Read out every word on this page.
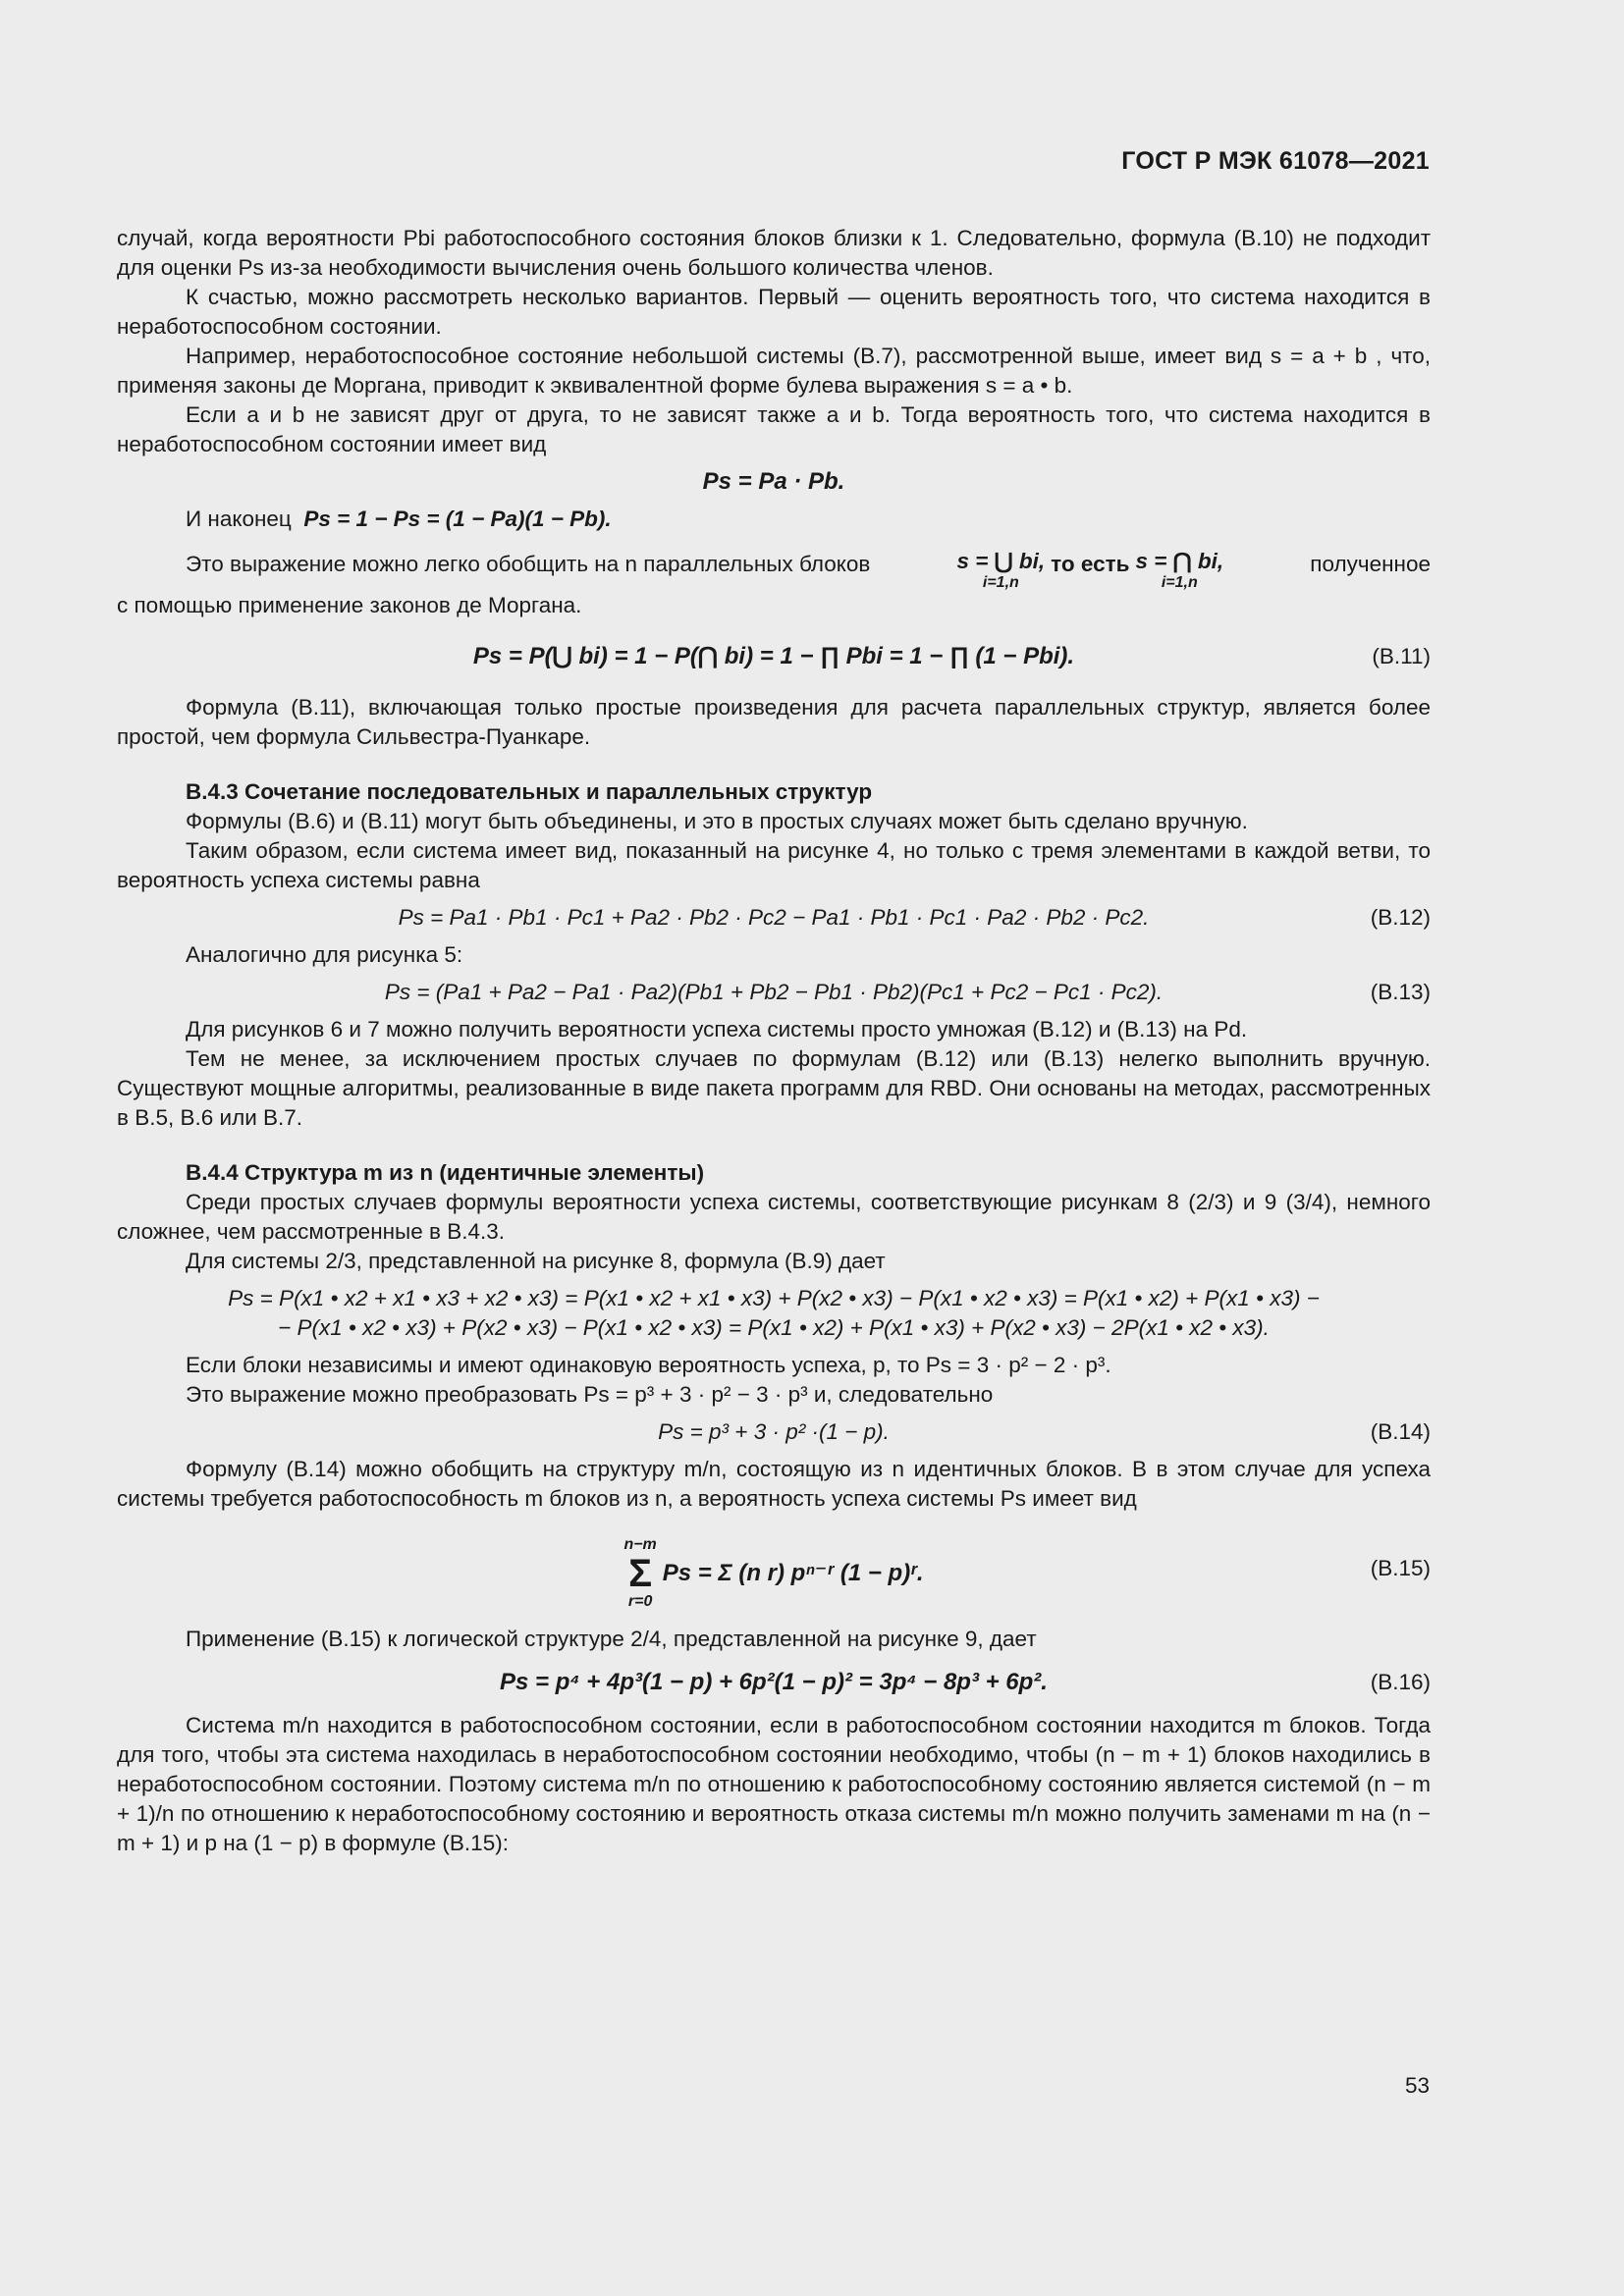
ГОСТ Р МЭК 61078—2021

случай, когда вероятности Pbi работоспособного состояния блоков близки к 1. Следовательно, формула (B.10) не подходит для оценки Ps из-за необходимости вычисления очень большого количества членов.

К счастью, можно рассмотреть несколько вариантов. Первый — оценить вероятность того, что система находится в неработоспособном состоянии.

Например, неработоспособное состояние небольшой системы (B.7), рассмотренной выше, имеет вид s = a + b , что, применяя законы де Моргана, приводит к эквивалентной форме булева выражения s = a • b.

Если a и b не зависят друг от друга, то не зависят также a и b. Тогда вероятность того, что система находится в неработоспособном состоянии имеет вид

Ps = Pa · Pb.

И наконец Ps = 1 − Ps = (1 − Pa)(1 − Pb).

Это выражение можно легко обобщить на n параллельных блоков	s = ⋃ bi,
i=1,n
то есть s = ⋂ bi,
i=1,n
полученное

с помощью применение законов де Моргана.

Ps = P(⋃ bi) = 1 − P(⋂ bi) = 1 − ∏ Pbi = 1 − ∏ (1 − Pbi).	(B.11)

Формула (B.11), включающая только простые произведения для расчета параллельных структур, является более простой, чем формула Сильвестра-Пуанкаре.

B.4.3 Сочетание последовательных и параллельных структур

Формулы (B.6) и (B.11) могут быть объединены, и это в простых случаях может быть сделано вручную.

Таким образом, если система имеет вид, показанный на рисунке 4, но только с тремя элементами в каждой ветви, то вероятность успеха системы равна

Ps = Pa1 · Pb1 · Pc1 + Pa2 · Pb2 · Pc2 − Pa1 · Pb1 · Pc1 · Pa2 · Pb2 · Pc2.	(B.12)

Аналогично для рисунка 5:

Ps = (Pa1 + Pa2 − Pa1 · Pa2)(Pb1 + Pb2 − Pb1 · Pb2)(Pc1 + Pc2 − Pc1 · Pc2).	(B.13)

Для рисунков 6 и 7 можно получить вероятности успеха системы просто умножая (B.12) и (B.13) на Pd.

Тем не менее, за исключением простых случаев по формулам (B.12) или (B.13) нелегко выполнить вручную. Существуют мощные алгоритмы, реализованные в виде пакета программ для RBD. Они основаны на методах, рассмотренных в B.5, B.6 или B.7.

B.4.4 Структура m из n (идентичные элементы)

Среди простых случаев формулы вероятности успеха системы, соответствующие рисункам 8 (2/3) и 9 (3/4), немного сложнее, чем рассмотренные в B.4.3.

Для системы 2/3, представленной на рисунке 8, формула (B.9) дает

Ps = P(x1 • x2 + x1 • x3 + x2 • x3) = P(x1 • x2 + x1 • x3) + P(x2 • x3) − P(x1 • x2 • x3) = P(x1 • x2) + P(x1 • x3) −
− P(x1 • x2 • x3) + P(x2 • x3) − P(x1 • x2 • x3) = P(x1 • x2) + P(x1 • x3) + P(x2 • x3) − 2P(x1 • x2 • x3).

Если блоки независимы и имеют одинаковую вероятность успеха, p, то Ps = 3 · p² − 2 · p³.

Это выражение можно преобразовать Ps = p³ + 3 · p² − 3 · p³ и, следовательно

Ps = p³ + 3 · p² ·(1 − p).	(B.14)

Формулу (B.14) можно обобщить на структуру m/n, состоящую из n идентичных блоков. В в этом случае для успеха системы требуется работоспособность m блоков из n, а вероятность успеха системы Ps имеет вид

n−m
Σ
r=0
Ps = Σ (n r) pⁿ⁻ʳ (1 − p)ʳ.	(B.15)

Применение (B.15) к логической структуре 2/4, представленной на рисунке 9, дает

Ps = p⁴ + 4p³(1 − p) + 6p²(1 − p)² = 3p⁴ − 8p³ + 6p².	(B.16)

Система m/n находится в работоспособном состоянии, если в работоспособном состоянии находится m блоков. Тогда для того, чтобы эта система находилась в неработоспособном состоянии необходимо, чтобы (n − m + 1) блоков находились в неработоспособном состоянии. Поэтому система m/n по отношению к работоспособному состоянию является системой (n − m + 1)/n по отношению к неработоспособному состоянию и вероятность отказа системы m/n можно получить заменами m на (n − m + 1) и p на (1 − p) в формуле (B.15):

53
